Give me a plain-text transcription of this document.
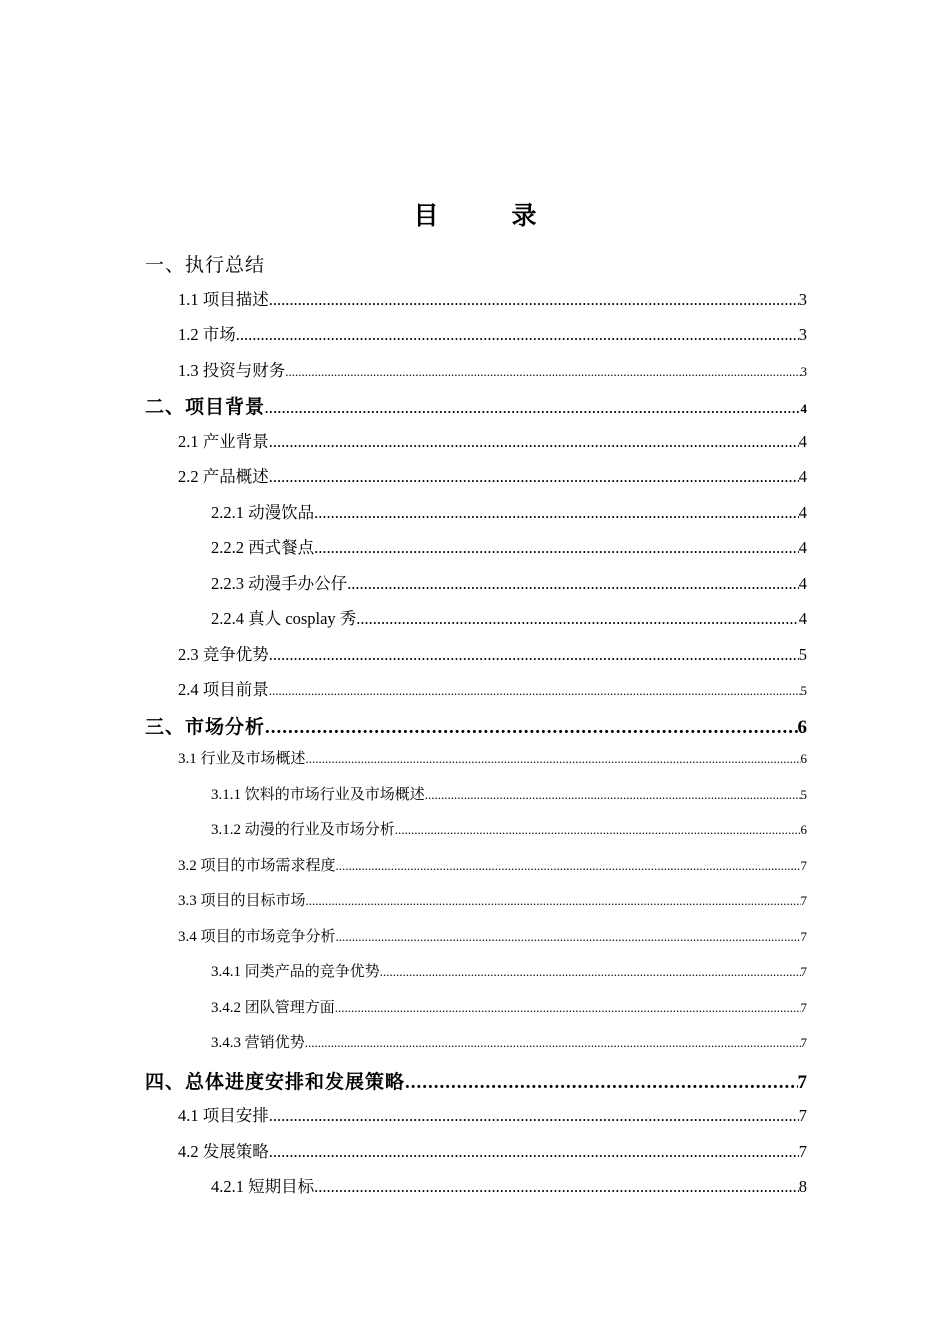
目　录
一、执行总结
1.1 项目描述 .....	3
1.2 市场 .....	3
1.3 投资与财务 .....	3
二、项目背景 .....	4
2.1 产业背景 .....	4
2.2 产品概述 .....	4
2.2.1 动漫饮品 .....	4
2.2.2 西式餐点 .....	4
2.2.3 动漫手办公仔 .....	4
2.2.4 真人 cosplay 秀 .....	4
2.3 竞争优势 .....	5
2.4 项目前景 .....	5
三、市场分析 .....	6
3.1 行业及市场概述 .....	6
3.1.1 饮料的市场行业及市场概述 .....	5
3.1.2 动漫的行业及市场分析 .....	6
3.2 项目的市场需求程度 .....	7
3.3 项目的目标市场 .....	7
3.4 项目的市场竞争分析 .....	7
3.4.1 同类产品的竞争优势 .....	7
3.4.2 团队管理方面 .....	7
3.4.3 营销优势 .....	7
四、总体进度安排和发展策略 .....	7
4.1 项目安排 .....	7
4.2 发展策略 .....	7
4.2.1 短期目标 .....	8
